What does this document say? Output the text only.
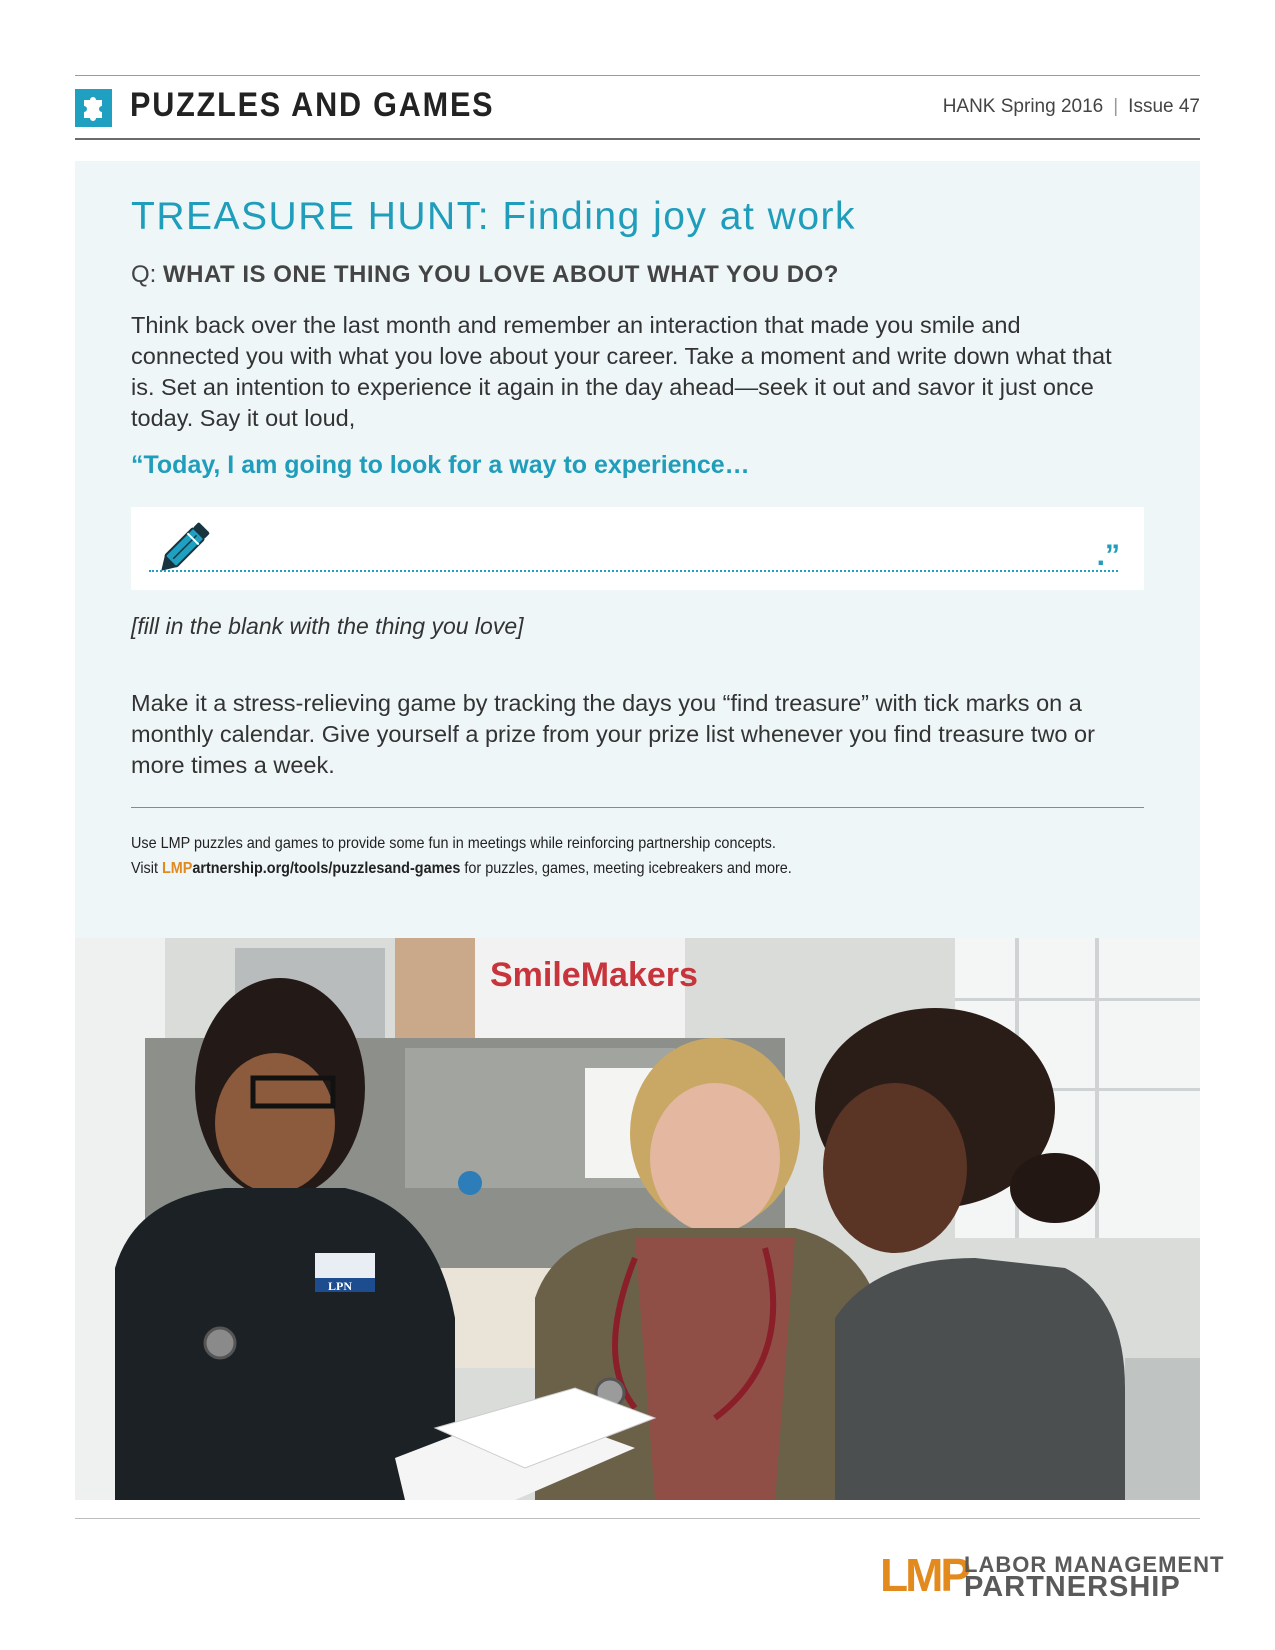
PUZZLES AND GAMES	HANK Spring 2016 | Issue 47
TREASURE HUNT: Finding joy at work
Q: WHAT IS ONE THING YOU LOVE ABOUT WHAT YOU DO?
Think back over the last month and remember an interaction that made you smile and connected you with what you love about your career. Take a moment and write down what that is. Set an intention to experience it again in the day ahead—seek it out and savor it just once today. Say it out loud,
“Today, I am going to look for a way to experience…
.”
[fill in the blank with the thing you love]
Make it a stress-relieving game by tracking the days you “find treasure” with tick marks on a monthly calendar. Give yourself a prize from your prize list whenever you find treasure two or more times a week.
Use LMP puzzles and games to provide some fun in meetings while reinforcing partnership concepts.
Visit LMPartnership.org/tools/puzzlesand-games for puzzles, games, meeting icebreakers and more.
SmileMakers
LPN
LMP
LABOR MANAGEMENT
PARTNERSHIP
